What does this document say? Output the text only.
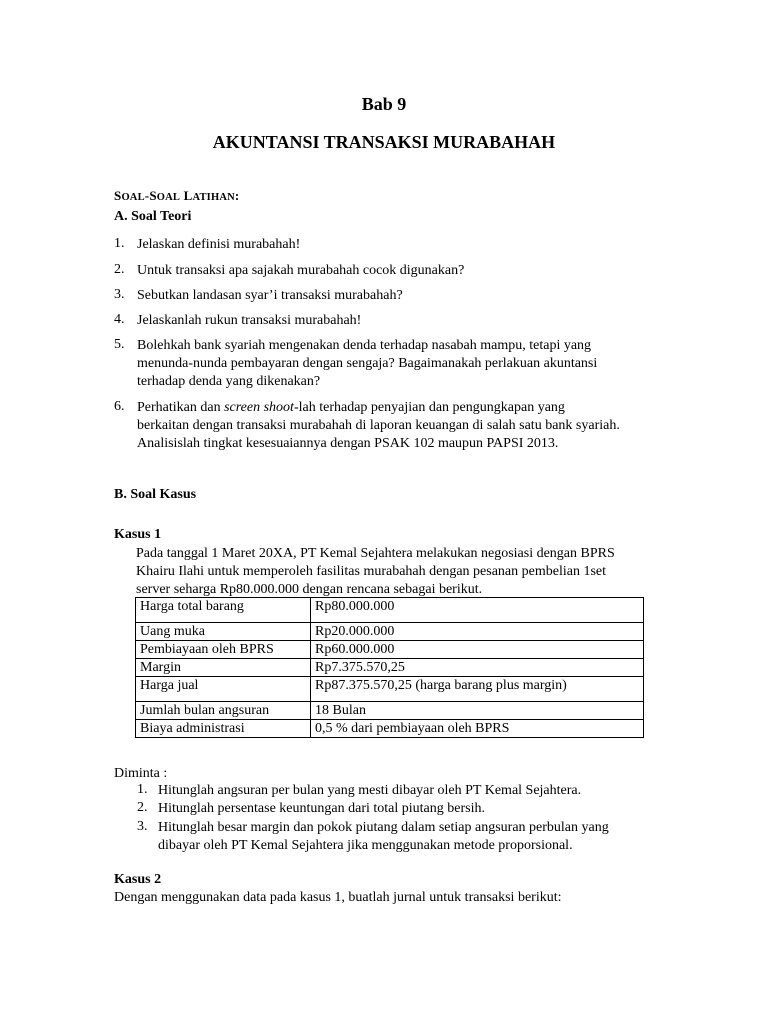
Bab 9
AKUNTANSI TRANSAKSI MURABAHAH
SOAL-SOAL LATIHAN:
A. Soal Teori
1. Jelaskan definisi murabahah!
2. Untuk transaksi apa sajakah murabahah cocok digunakan?
3. Sebutkan landasan syar’i transaksi murabahah?
4. Jelaskanlah rukun transaksi murabahah!
5. Bolehkah bank syariah mengenakan denda terhadap nasabah mampu, tetapi yang
menunda-nunda pembayaran dengan sengaja? Bagaimanakah perlakuan akuntansi
terhadap denda yang dikenakan?
6. Perhatikan dan screen shoot-lah terhadap penyajian dan pengungkapan yang
berkaitan dengan transaksi murabahah di laporan keuangan di salah satu bank syariah.
Analisislah tingkat kesesuaiannya dengan PSAK 102 maupun PAPSI 2013.
B. Soal Kasus
Kasus 1
Pada tanggal 1 Maret 20XA, PT Kemal Sejahtera melakukan negosiasi dengan BPRS
Khairu Ilahi untuk memperoleh fasilitas murabahah dengan pesanan pembelian 1set
server seharga Rp80.000.000 dengan rencana sebagai berikut.
Harga total barang	Rp80.000.000
Uang muka	Rp20.000.000
Pembiayaan oleh BPRS	Rp60.000.000
Margin	Rp7.375.570,25
Harga jual	Rp87.375.570,25 (harga barang plus margin)
Jumlah bulan angsuran	18 Bulan
Biaya administrasi	0,5 % dari pembiayaan oleh BPRS
Diminta :
1. Hitunglah angsuran per bulan yang mesti dibayar oleh PT Kemal Sejahtera.
2. Hitunglah persentase keuntungan dari total piutang bersih.
3. Hitunglah besar margin dan pokok piutang dalam setiap angsuran perbulan yang
dibayar oleh PT Kemal Sejahtera jika menggunakan metode proporsional.
Kasus 2
Dengan menggunakan data pada kasus 1, buatlah jurnal untuk transaksi berikut:
